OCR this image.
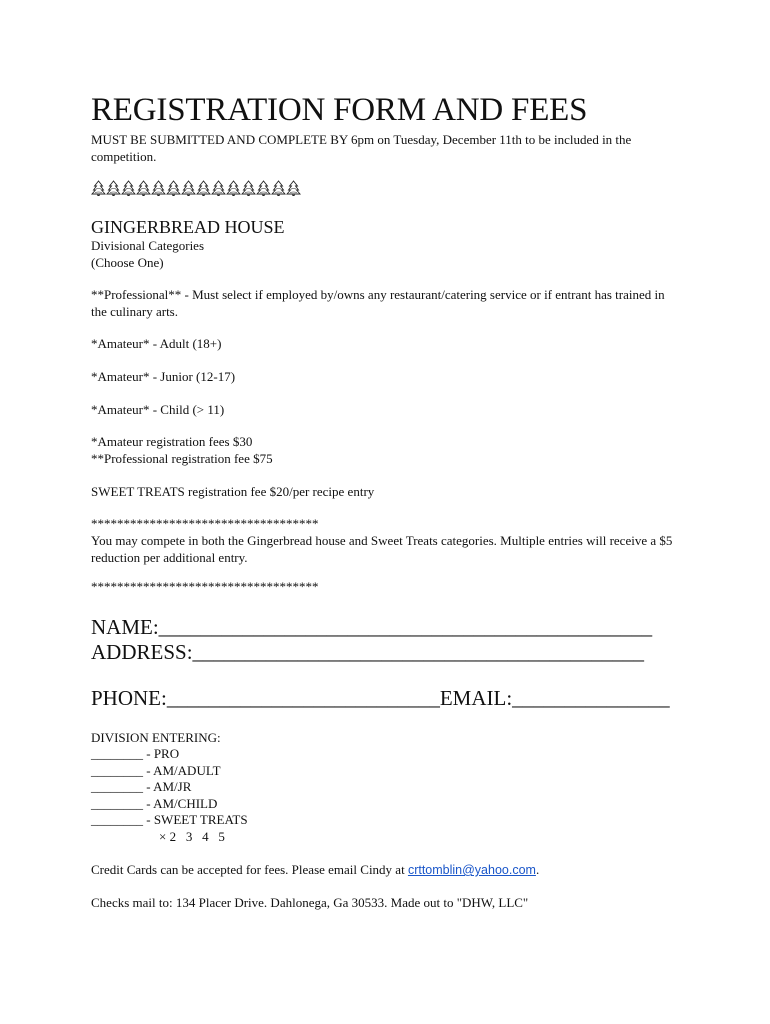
REGISTRATION FORM AND FEES
MUST BE SUBMITTED AND COMPLETE BY 6pm on Tuesday, December 11th to be included in the competition.
GINGERBREAD HOUSE
Divisional Categories
(Choose One)
**Professional** - Must select if employed by/owns any restaurant/catering service or if entrant has trained in the culinary arts.
*Amateur* - Adult (18+)
*Amateur* - Junior (12-17)
*Amateur* - Child (> 11)
*Amateur registration fees $30
**Professional registration fee $75
SWEET TREATS registration fee $20/per recipe entry
***********************************
You may compete in both the Gingerbread house and Sweet Treats categories. Multiple entries will receive a $5 reduction per additional entry.
***********************************
NAME:_______________________________________________
ADDRESS:___________________________________________
PHONE:__________________________EMAIL:_______________
DIVISION ENTERING:
________ - PRO
________ - AM/ADULT
________ - AM/JR
________ - AM/CHILD
________ - SWEET TREATS
× 2   3   4   5
Credit Cards can be accepted for fees. Please email Cindy at crttomblin@yahoo.com.
Checks mail to: 134 Placer Drive. Dahlonega, Ga 30533. Made out to "DHW, LLC"
